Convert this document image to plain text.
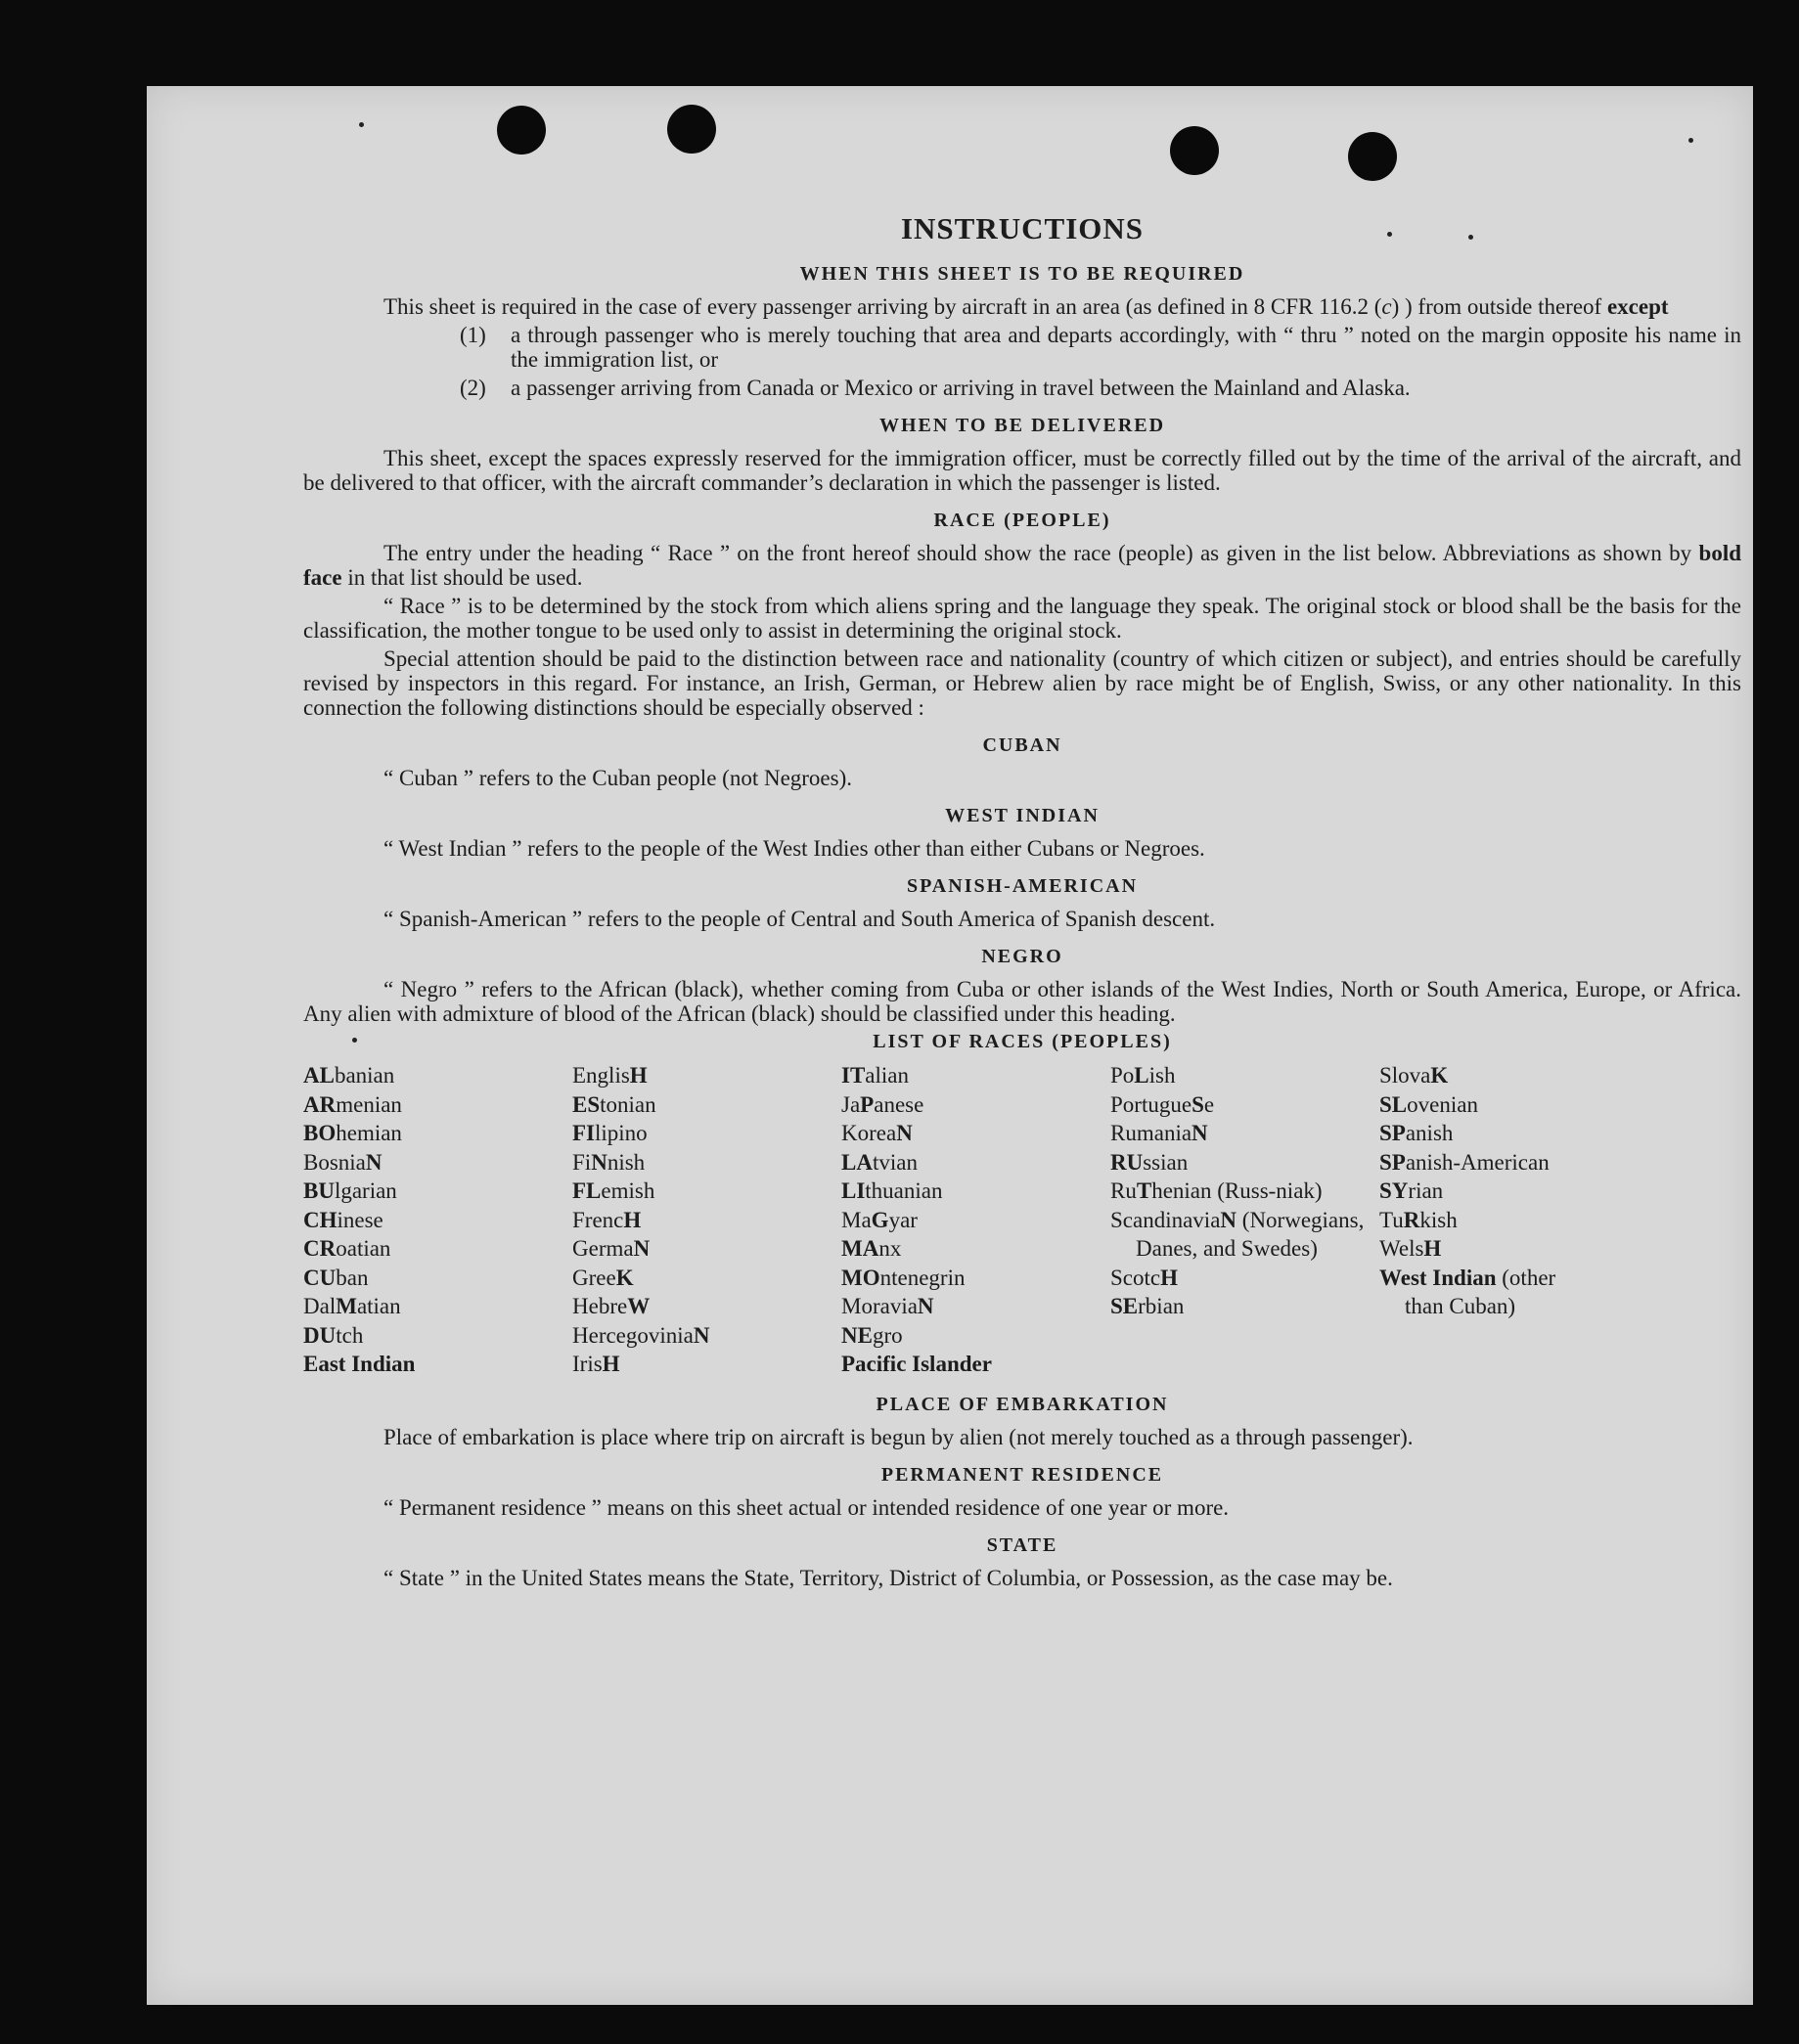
INSTRUCTIONS
WHEN THIS SHEET IS TO BE REQUIRED

This sheet is required in the case of every passenger arriving by aircraft in an area (as defined in 8 CFR 116.2 (c) ) from outside thereof except

(1)	a through passenger who is merely touching that area and departs accordingly, with “ thru ” noted on the margin opposite his name in the immigration list, or
(2)	a passenger arriving from Canada or Mexico or arriving in travel between the Mainland and Alaska.
WHEN TO BE DELIVERED

This sheet, except the spaces expressly reserved for the immigration officer, must be correctly filled out by the time of the arrival of the aircraft, and be delivered to that officer, with the aircraft commander’s declaration in which the passenger is listed.

RACE (PEOPLE)

The entry under the heading “ Race ” on the front hereof should show the race (people) as given in the list below. Abbreviations as shown by bold face in that list should be used.

“ Race ” is to be determined by the stock from which aliens spring and the language they speak. The original stock or blood shall be the basis for the classification, the mother tongue to be used only to assist in determining the original stock.

Special attention should be paid to the distinction between race and nationality (country of which citizen or subject), and entries should be carefully revised by inspectors in this regard. For instance, an Irish, German, or Hebrew alien by race might be of English, Swiss, or any other nationality. In this connection the following distinctions should be especially observed :

CUBAN

“ Cuban ” refers to the Cuban people (not Negroes).

WEST INDIAN

“ West Indian ” refers to the people of the West Indies other than either Cubans or Negroes.

SPANISH-AMERICAN

“ Spanish-American ” refers to the people of Central and South America of Spanish descent.

NEGRO

“ Negro ” refers to the African (black), whether coming from Cuba or other islands of the West Indies, North or South America, Europe, or Africa. Any alien with admixture of blood of the African (black) should be classified under this heading.

LIST OF RACES (PEOPLES)
ALbanian
ARmenian
BOhemian
BosniaN
BUlgarian
CHinese
CRoatian
CUban
DalMatian
DUtch
East Indian
EnglisH
EStonian
FIlipino
FiNnish
FLemish
FrencH
GermaN
GreeK
HebreW
HercegoviniaN
IrisH
ITalian
JaPanese
KoreaN
LAtvian
LIthuanian
MaGyar
MAnx
MOntenegrin
MoraviaN
NEgro
Pacific Islander
PoLish
PortugueSe
RumaniaN
RUssian
RuThenian (Russ-niak)
ScandinaviaN (Norwegians, Danes, and Swedes)
ScotcH
SErbian
SlovaK
SLovenian
SPanish
SPanish-American
SYrian
TuRkish
WelsH
West Indian (other than Cuban)
PLACE OF EMBARKATION

Place of embarkation is place where trip on aircraft is begun by alien (not merely touched as a through passenger).

PERMANENT RESIDENCE

“ Permanent residence ” means on this sheet actual or intended residence of one year or more.

STATE

“ State ” in the United States means the State, Territory, District of Columbia, or Possession, as the case may be.
